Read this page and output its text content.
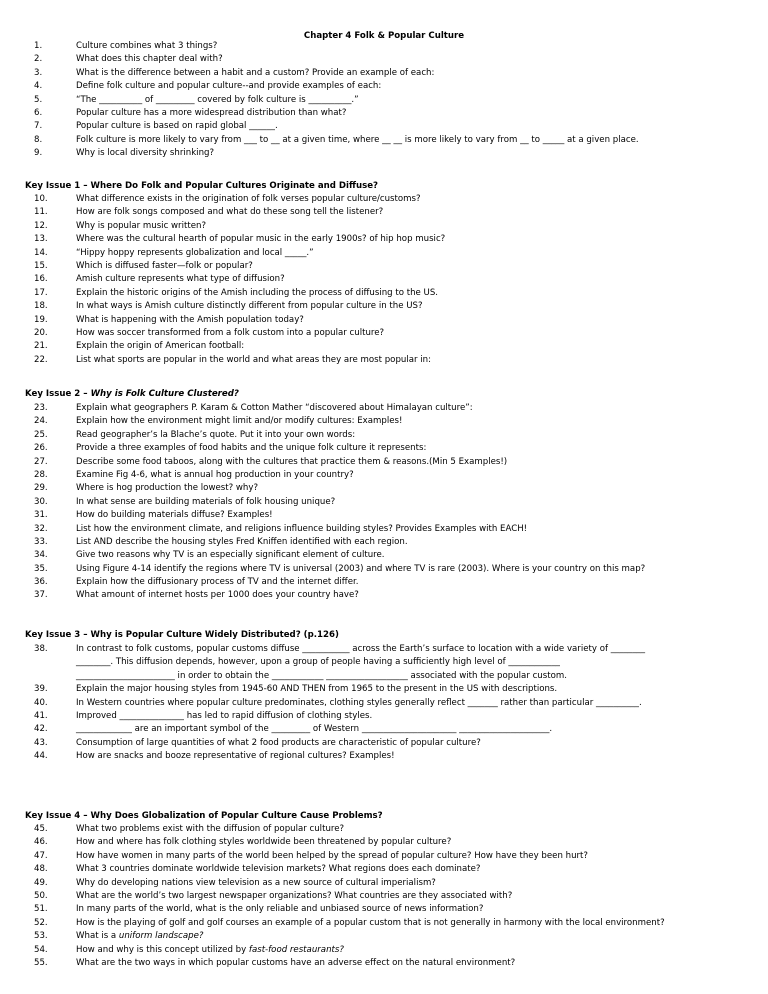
Chapter 4 Folk & Popular Culture
1.	Culture combines what 3 things?
2.	What does this chapter deal with?
3.	What is the difference between a habit and a custom? Provide an example of each:
4.	Define folk culture and popular culture--and provide examples of each:
5.	“The __________ of _________ covered by folk culture is __________.”
6.	Popular culture has a more widespread distribution than what?
7.	Popular culture is based on rapid global ______.
8.	Folk culture is more likely to vary from ___ to __ at a given time, where __ __ is more likely to vary from __ to _____ at a given place.
9.	Why is local diversity shrinking?
Key Issue 1 – Where Do Folk and Popular Cultures Originate and Diffuse?
10.	What difference exists in the origination of folk verses popular culture/customs?
11.	How are folk songs composed and what do these song tell the listener?
12.	Why is popular music written?
13.	Where was the cultural hearth of popular music in the early 1900s? of hip hop music?
14.	“Hippy hoppy represents globalization and local _____.”
15.	Which is diffused faster—folk or popular?
16.	Amish culture represents what type of diffusion?
17.	Explain the historic origins of the Amish including the process of diffusing to the US.
18.	In what ways is Amish culture distinctly different from popular culture in the US?
19.	What is happening with the Amish population today?
20.	How was soccer transformed from a folk custom into a popular culture?
21.	Explain the origin of American football:
22.	List what sports are popular in the world and what areas they are most popular in:
Key Issue 2 – Why is Folk Culture Clustered?
23.	Explain what geographers P. Karam & Cotton Mather “discovered about Himalayan culture”:
24.	Explain how the environment might limit and/or modify cultures: Examples!
25.	Read geographer’s la Blache’s quote. Put it into your own words:
26.	Provide a three examples of food habits and the unique folk culture it represents:
27.	Describe some food taboos, along with the cultures that practice them & reasons.(Min 5 Examples!)
28.	Examine Fig 4-6, what is annual hog production in your country?
29.	Where is hog production the lowest? why?
30.	In what sense are building materials of folk housing unique?
31.	How do building materials diffuse? Examples!
32.	List how the environment climate, and religions influence building styles? Provides Examples with EACH!
33.	List AND describe the housing styles Fred Kniffen identified with each region.
34.	Give two reasons why TV is an especially significant element of culture.
35.	Using Figure 4-14 identify the regions where TV is universal (2003) and where TV is rare (2003). Where is your country on this map?
36.	Explain how the diffusionary process of TV and the internet differ.
37.	What amount of internet hosts per 1000 does your country have?
Key Issue 3 – Why is Popular Culture Widely Distributed? (p.126)
38.	In contrast to folk customs, popular customs diffuse ___________ across the Earth’s surface to location with a wide variety of ________
________. This diffusion depends, however, upon a group of people having a sufficiently high level of ____________
_______________________ in order to obtain the ____________ ___________________ associated with the popular custom.
39.	Explain the major housing styles from 1945-60 AND THEN from 1965 to the present in the US with descriptions.
40.	In Western countries where popular culture predominates, clothing styles generally reflect _______ rather than particular __________.
41.	Improved _______________ has led to rapid diffusion of clothing styles.
42.	_____________ are an important symbol of the _________ of Western ______________________ _____________________.
43.	Consumption of large quantities of what 2 food products are characteristic of popular culture?
44.	How are snacks and booze representative of regional cultures? Examples!
Key Issue 4 – Why Does Globalization of Popular Culture Cause Problems?
45.	What two problems exist with the diffusion of popular culture?
46.	How and where has folk clothing styles worldwide been threatened by popular culture?
47.	How have women in many parts of the world been helped by the spread of popular culture? How have they been hurt?
48.	What 3 countries dominate worldwide television markets? What regions does each dominate?
49.	Why do developing nations view television as a new source of cultural imperialism?
50.	What are the world’s two largest newspaper organizations? What countries are they associated with?
51.	In many parts of the world, what is the only reliable and unbiased source of news information?
52.	How is the playing of golf and golf courses an example of a popular custom that is not generally in harmony with the local environment?
53.	What is a uniform landscape?
54.	How and why is this concept utilized by fast-food restaurants?
55.	What are the two ways in which popular customs have an adverse effect on the natural environment?
